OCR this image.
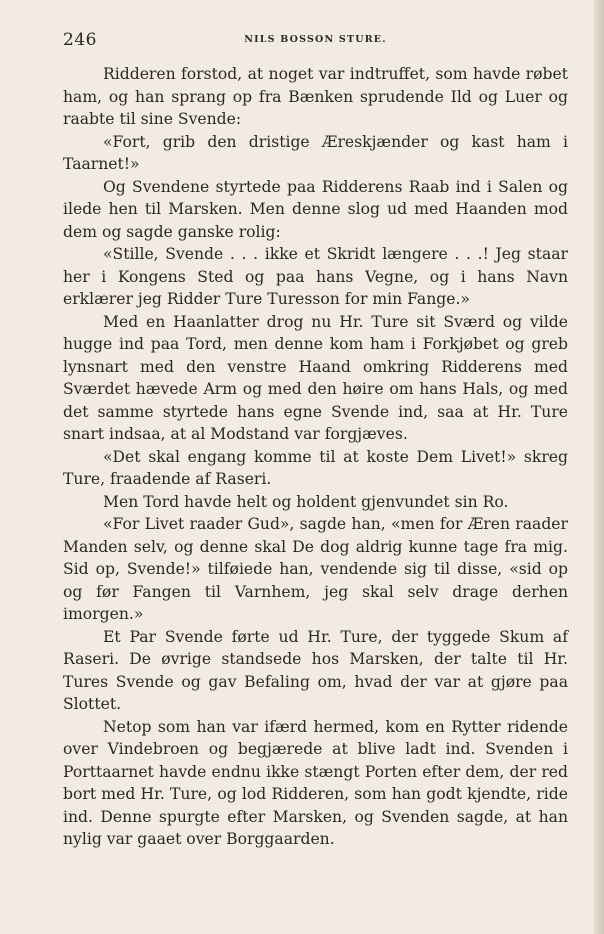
246	NILS BOSSON STURE.

Ridderen forstod, at noget var indtruffet, som havde røbet ham, og han sprang op fra Bænken sprudende Ild og Luer og raabte til sine Svende:

«Fort, grib den dristige Æreskjænder og kast ham i Taarnet!»

Og Svendene styrtede paa Ridderens Raab ind i Salen og ilede hen til Marsken. Men denne slog ud med Haanden mod dem og sagde ganske rolig:

«Stille, Svende . . . ikke et Skridt længere . . .! Jeg staar her i Kongens Sted og paa hans Vegne, og i hans Navn erklærer jeg Ridder Ture Turesson for min Fange.»

Med en Haanlatter drog nu Hr. Ture sit Sværd og vilde hugge ind paa Tord, men denne kom ham i Forkjøbet og greb lynsnart med den venstre Haand omkring Ridderens med Sværdet hævede Arm og med den høire om hans Hals, og med det samme styrtede hans egne Svende ind, saa at Hr. Ture snart indsaa, at al Modstand var forgjæves.

«Det skal engang komme til at koste Dem Livet!» skreg Ture, fraadende af Raseri.

Men Tord havde helt og holdent gjenvundet sin Ro.

«For Livet raader Gud», sagde han, «men for Æren raader Manden selv, og denne skal De dog aldrig kunne tage fra mig. Sid op, Svende!» tilføiede han, vendende sig til disse, «sid op og før Fangen til Varnhem, jeg skal selv drage derhen imorgen.»

Et Par Svende førte ud Hr. Ture, der tyggede Skum af Raseri. De øvrige standsede hos Marsken, der talte til Hr. Tures Svende og gav Befaling om, hvad der var at gjøre paa Slottet.

Netop som han var ifærd hermed, kom en Rytter ridende over Vindebroen og begjærede at blive ladt ind. Svenden i Porttaarnet havde endnu ikke stængt Porten efter dem, der red bort med Hr. Ture, og lod Ridderen, som han godt kjendte, ride ind. Denne spurgte efter Marsken, og Svenden sagde, at han nylig var gaaet over Borggaarden.
